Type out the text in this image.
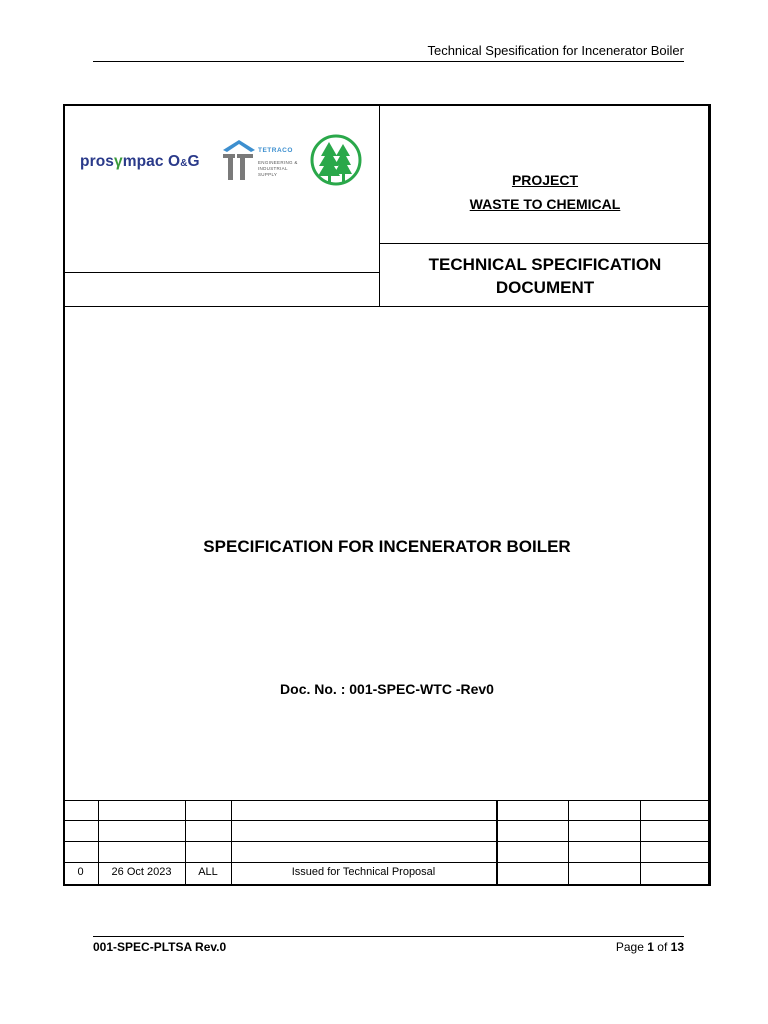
Technical Spesification for Incenerator Boiler
prosγmpac O&G
TETRACO
ENGINEERING &
INDUSTRIAL
SUPPLY	PROJECT
WASTE TO CHEMICAL
TECHNICAL SPECIFICATION
DOCUMENT
SPECIFICATION FOR INCENERATOR BOILER
Doc. No. : 001-SPEC-WTC -Rev0
0	26 Oct 2023	ALL	Issued for Technical Proposal
001-SPEC-PLTSA Rev.0	Page 1 of 13
